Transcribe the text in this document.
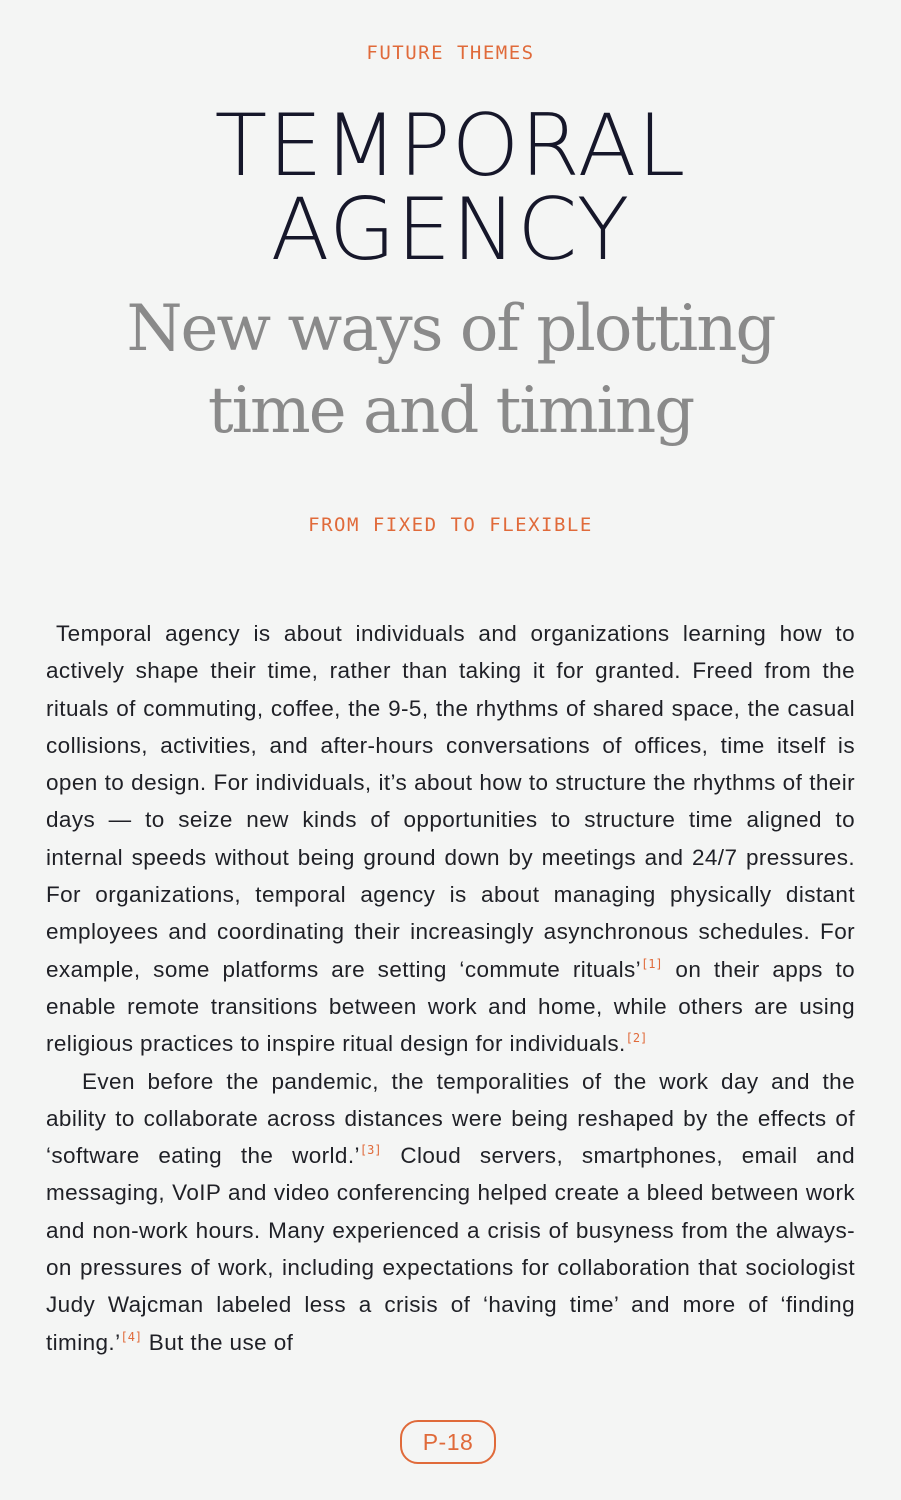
FUTURE THEMES
TEMPORAL
AGENCY
New ways of plotting
time and timing
FROM FIXED TO FLEXIBLE

Temporal agency is about individuals and organizations learning how to actively shape their time, rather than taking it for granted. Freed from the rituals of commuting, coffee, the 9-5, the rhythms of shared space, the casual collisions, activities, and after-hours conversations of offices, time itself is open to design. For individuals, it’s about how to structure the rhythms of their days — to seize new kinds of opportunities to structure time aligned to internal speeds without being ground down by meetings and 24/7 pressures. For organizations, temporal agency is about managing physically distant employees and coordinating their increasingly asynchronous schedules. For example, some platforms are setting ‘commute rituals’[1] on their apps to enable remote transitions between work and home, while others are using religious practices to inspire ritual design for individuals.[2]

Even before the pandemic, the temporalities of the work day and the ability to collaborate across distances were being reshaped by the effects of ‘software eating the world.’[3] Cloud servers, smartphones, email and messaging, VoIP and video conferencing helped create a bleed between work and non-work hours. Many experienced a crisis of busyness from the always-on pressures of work, including expectations for collaboration that sociologist Judy Wajcman labeled less a crisis of ‘having time’ and more of ‘finding timing.’[4] But the use of

P-18
